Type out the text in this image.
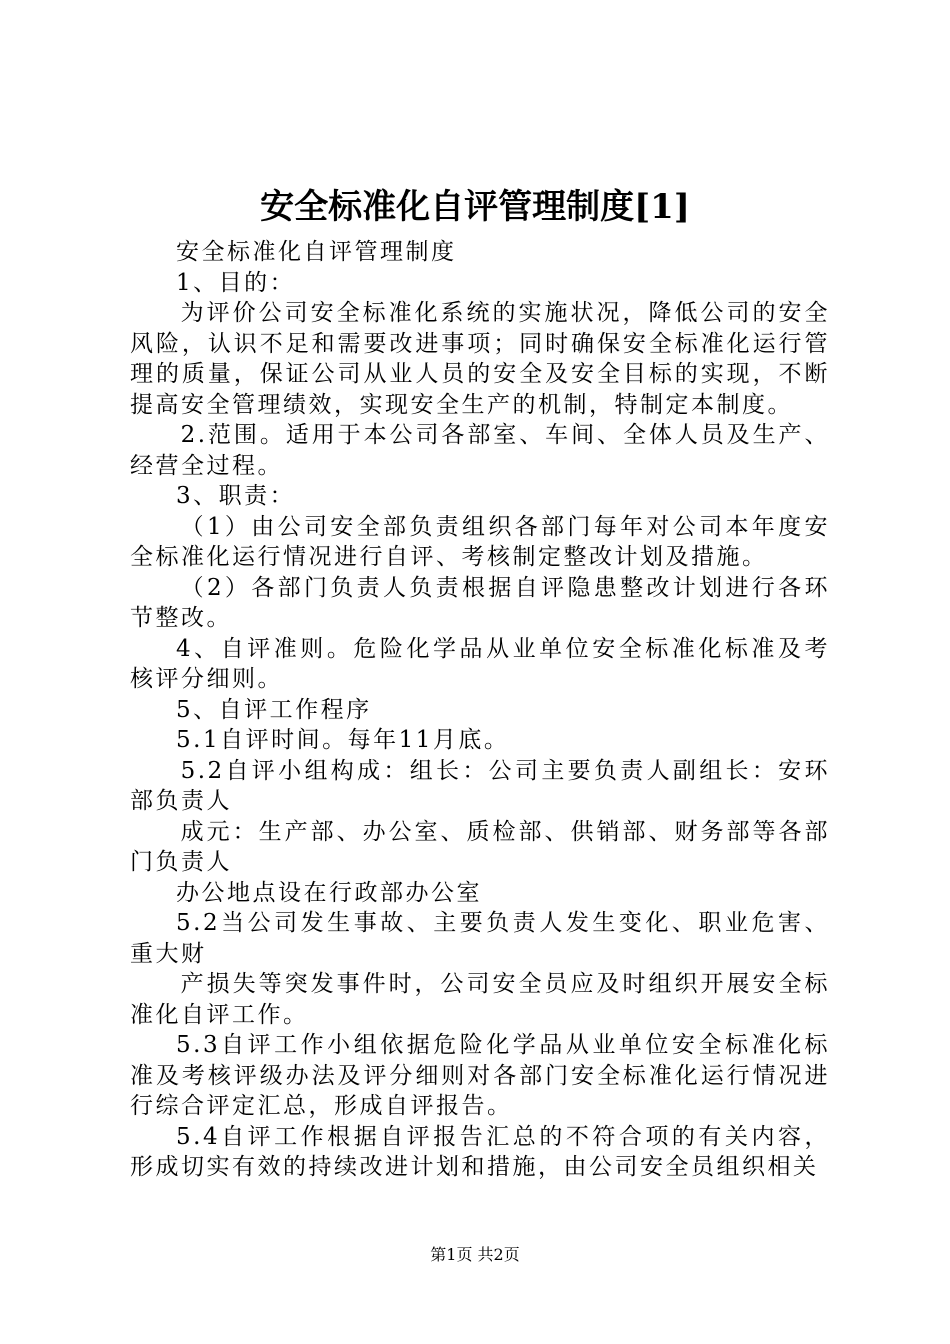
安全标准化自评管理制度[1]

安全标准化自评管理制度

1、目的：

为评价公司安全标准化系统的实施状况，降低公司的安全风险，认识不足和需要改进事项；同时确保安全标准化运行管理的质量，保证公司从业人员的安全及安全目标的实现，不断提高安全管理绩效，实现安全生产的机制，特制定本制度。

2.范围。适用于本公司各部室、车间、全体人员及生产、经营全过程。

3、职责：

（1）由公司安全部负责组织各部门每年对公司本年度安全标准化运行情况进行自评、考核制定整改计划及措施。

（2）各部门负责人负责根据自评隐患整改计划进行各环节整改。

4、自评准则。危险化学品从业单位安全标准化标准及考核评分细则。

5、自评工作程序

5.1自评时间。每年11月底。

5.2自评小组构成：组长：公司主要负责人副组长：安环部负责人

成元：生产部、办公室、质检部、供销部、财务部等各部门负责人

办公地点设在行政部办公室

5.2当公司发生事故、主要负责人发生变化、职业危害、重大财

产损失等突发事件时，公司安全员应及时组织开展安全标准化自评工作。

5.3自评工作小组依据危险化学品从业单位安全标准化标准及考核评级办法及评分细则对各部门安全标准化运行情况进行综合评定汇总，形成自评报告。

5.4自评工作根据自评报告汇总的不符合项的有关内容，形成切实有效的持续改进计划和措施，由公司安全员组织相关

第1页 共2页
